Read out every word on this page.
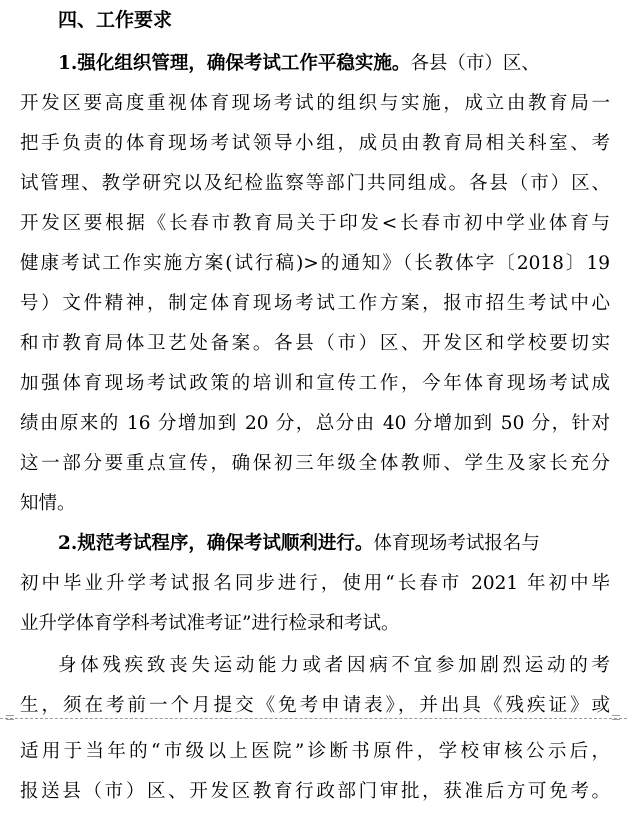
四、工作要求
1.强化组织管理，确保考试工作平稳实施。各县（市）区、
开发区要高度重视体育现场考试的组织与实施，成立由教育局一
把手负责的体育现场考试领导小组，成员由教育局相关科室、考
试管理、教学研究以及纪检监察等部门共同组成。各县（市）区、
开发区要根据《长春市教育局关于印发<长春市初中学业体育与
健康考试工作实施方案(试行稿)>的通知》（长教体字〔2018〕19
号）文件精神，制定体育现场考试工作方案，报市招生考试中心
和市教育局体卫艺处备案。各县（市）区、开发区和学校要切实
加强体育现场考试政策的培训和宣传工作，今年体育现场考试成
绩由原来的 16 分增加到 20 分，总分由 40 分增加到 50 分，针对
这一部分要重点宣传，确保初三年级全体教师、学生及家长充分
知情。
2.规范考试程序，确保考试顺利进行。体育现场考试报名与
初中毕业升学考试报名同步进行，使用“长春市 2021 年初中毕
业升学体育学科考试准考证”进行检录和考试。
身体残疾致丧失运动能力或者因病不宜参加剧烈运动的考
生，须在考前一个月提交《免考申请表》，并出具《残疾证》或
适用于当年的“市级以上医院”诊断书原件，学校审核公示后，
报送县（市）区、开发区教育行政部门审批，获准后方可免考。
